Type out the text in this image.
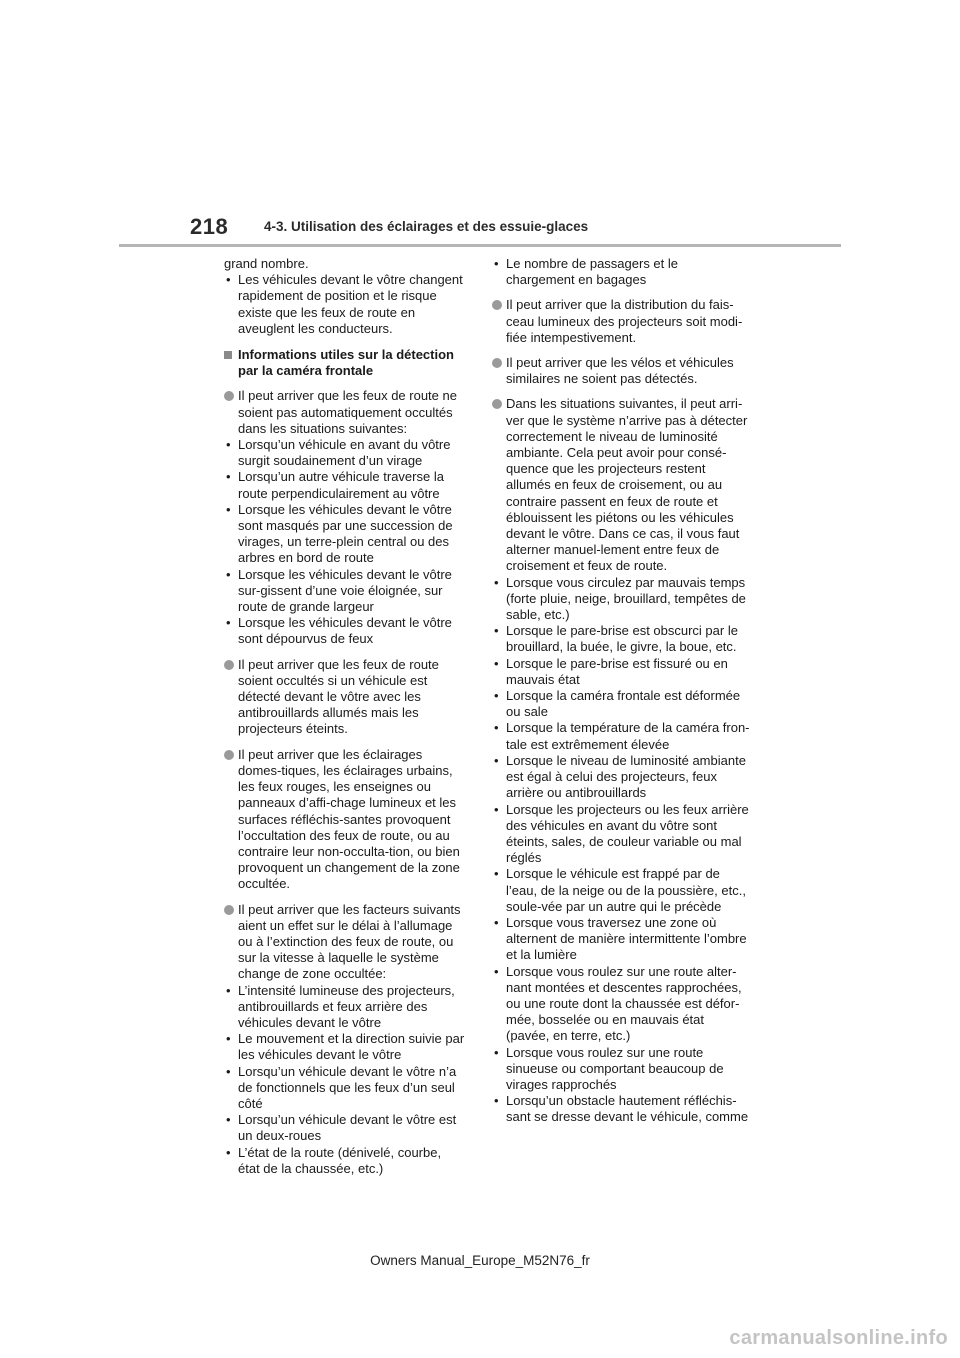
218	4-3. Utilisation des éclairages et des essuie-glaces

grand nombre.

• Les véhicules devant le vôtre changent rapidement de position et le risque existe que les feux de route en aveuglent les conducteurs.

Informations utiles sur la détection par la caméra frontale

Il peut arriver que les feux de route ne soient pas automatiquement occultés dans les situations suivantes:

• Lorsqu’un véhicule en avant du vôtre surgit soudainement d’un virage

• Lorsqu’un autre véhicule traverse la route perpendiculairement au vôtre

• Lorsque les véhicules devant le vôtre sont masqués par une succession de virages, un terre-plein central ou des arbres en bord de route

• Lorsque les véhicules devant le vôtre sur-gissent d’une voie éloignée, sur route de grande largeur

• Lorsque les véhicules devant le vôtre sont dépourvus de feux

Il peut arriver que les feux de route soient occultés si un véhicule est détecté devant le vôtre avec les antibrouillards allumés mais les projecteurs éteints.

Il peut arriver que les éclairages domes-tiques, les éclairages urbains, les feux rouges, les enseignes ou panneaux d’affi-chage lumineux et les surfaces réfléchis-santes provoquent l’occultation des feux de route, ou au contraire leur non-occulta-tion, ou bien provoquent un changement de la zone occultée.

Il peut arriver que les facteurs suivants aient un effet sur le délai à l’allumage ou à l’extinction des feux de route, ou sur la vitesse à laquelle le système change de zone occultée:

• L’intensité lumineuse des projecteurs, antibrouillards et feux arrière des véhicules devant le vôtre

• Le mouvement et la direction suivie par les véhicules devant le vôtre

• Lorsqu’un véhicule devant le vôtre n’a de fonctionnels que les feux d’un seul côté

• Lorsqu’un véhicule devant le vôtre est un deux-roues

• L’état de la route (dénivelé, courbe, état de la chaussée, etc.)

• Le nombre de passagers et le chargement en bagages

Il peut arriver que la distribution du fais-ceau lumineux des projecteurs soit modi-fiée intempestivement.

Il peut arriver que les vélos et véhicules similaires ne soient pas détectés.

Dans les situations suivantes, il peut arri-ver que le système n’arrive pas à détecter correctement le niveau de luminosité ambiante. Cela peut avoir pour consé-quence que les projecteurs restent allumés en feux de croisement, ou au contraire passent en feux de route et éblouissent les piétons ou les véhicules devant le vôtre. Dans ce cas, il vous faut alterner manuel-lement entre feux de croisement et feux de route.

• Lorsque vous circulez par mauvais temps (forte pluie, neige, brouillard, tempêtes de sable, etc.)

• Lorsque le pare-brise est obscurci par le brouillard, la buée, le givre, la boue, etc.

• Lorsque le pare-brise est fissuré ou en mauvais état

• Lorsque la caméra frontale est déformée ou sale

• Lorsque la température de la caméra fron-tale est extrêmement élevée

• Lorsque le niveau de luminosité ambiante est égal à celui des projecteurs, feux arrière ou antibrouillards

• Lorsque les projecteurs ou les feux arrière des véhicules en avant du vôtre sont éteints, sales, de couleur variable ou mal réglés

• Lorsque le véhicule est frappé par de l’eau, de la neige ou de la poussière, etc., soule-vée par un autre qui le précède

• Lorsque vous traversez une zone où alternent de manière intermittente l’ombre et la lumière

• Lorsque vous roulez sur une route alter-nant montées et descentes rapprochées, ou une route dont la chaussée est défor-mée, bosselée ou en mauvais état (pavée, en terre, etc.)

• Lorsque vous roulez sur une route sinueuse ou comportant beaucoup de virages rapprochés

• Lorsqu’un obstacle hautement réfléchis-sant se dresse devant le véhicule, comme

Owners Manual_Europe_M52N76_fr
carmanualsonline.info
